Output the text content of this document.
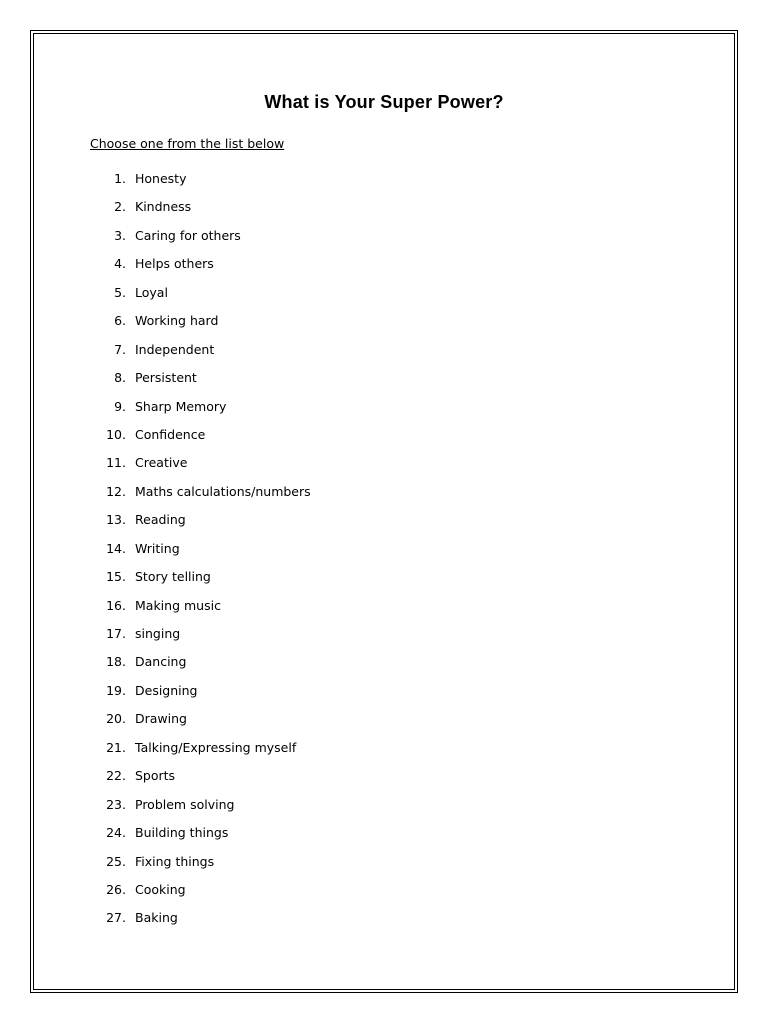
What is Your Super Power?
Choose one from the list below
1. Honesty
2. Kindness
3. Caring for others
4. Helps others
5. Loyal
6. Working hard
7. Independent
8. Persistent
9. Sharp Memory
10. Confidence
11. Creative
12. Maths calculations/numbers
13. Reading
14. Writing
15. Story telling
16. Making music
17. singing
18. Dancing
19. Designing
20. Drawing
21. Talking/Expressing myself
22. Sports
23. Problem solving
24. Building things
25. Fixing things
26. Cooking
27. Baking
